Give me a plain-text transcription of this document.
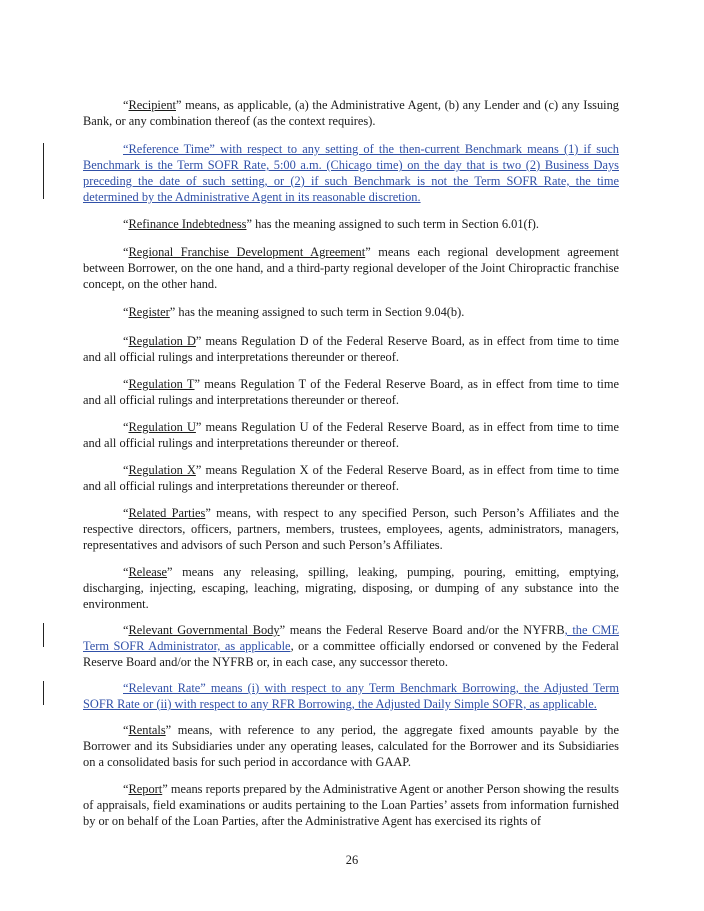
“Recipient” means, as applicable, (a) the Administrative Agent, (b) any Lender and (c) any Issuing Bank, or any combination thereof (as the context requires).

“Reference Time” with respect to any setting of the then-current Benchmark means (1) if such Benchmark is the Term SOFR Rate, 5:00 a.m. (Chicago time) on the day that is two (2) Business Days preceding the date of such setting, or (2) if such Benchmark is not the Term SOFR Rate, the time determined by the Administrative Agent in its reasonable discretion.

“Refinance Indebtedness” has the meaning assigned to such term in Section 6.01(f).

“Regional Franchise Development Agreement” means each regional development agreement between Borrower, on the one hand, and a third-party regional developer of the Joint Chiropractic franchise concept, on the other hand.

“Register” has the meaning assigned to such term in Section 9.04(b).

“Regulation D” means Regulation D of the Federal Reserve Board, as in effect from time to time and all official rulings and interpretations thereunder or thereof.

“Regulation T” means Regulation T of the Federal Reserve Board, as in effect from time to time and all official rulings and interpretations thereunder or thereof.

“Regulation U” means Regulation U of the Federal Reserve Board, as in effect from time to time and all official rulings and interpretations thereunder or thereof.

“Regulation X” means Regulation X of the Federal Reserve Board, as in effect from time to time and all official rulings and interpretations thereunder or thereof.

“Related Parties” means, with respect to any specified Person, such Person’s Affiliates and the respective directors, officers, partners, members, trustees, employees, agents, administrators, managers, representatives and advisors of such Person and such Person’s Affiliates.

“Release” means any releasing, spilling, leaking, pumping, pouring, emitting, emptying, discharging, injecting, escaping, leaching, migrating, disposing, or dumping of any substance into the environment.

“Relevant Governmental Body” means the Federal Reserve Board and/or the NYFRB, the CME Term SOFR Administrator, as applicable, or a committee officially endorsed or convened by the Federal Reserve Board and/or the NYFRB or, in each case, any successor thereto.

“Relevant Rate” means (i) with respect to any Term Benchmark Borrowing, the Adjusted Term SOFR Rate or (ii) with respect to any RFR Borrowing, the Adjusted Daily Simple SOFR, as applicable.

“Rentals” means, with reference to any period, the aggregate fixed amounts payable by the Borrower and its Subsidiaries under any operating leases, calculated for the Borrower and its Subsidiaries on a consolidated basis for such period in accordance with GAAP.

“Report” means reports prepared by the Administrative Agent or another Person showing the results of appraisals, field examinations or audits pertaining to the Loan Parties’ assets from information furnished by or on behalf of the Loan Parties, after the Administrative Agent has exercised its rights of

26
